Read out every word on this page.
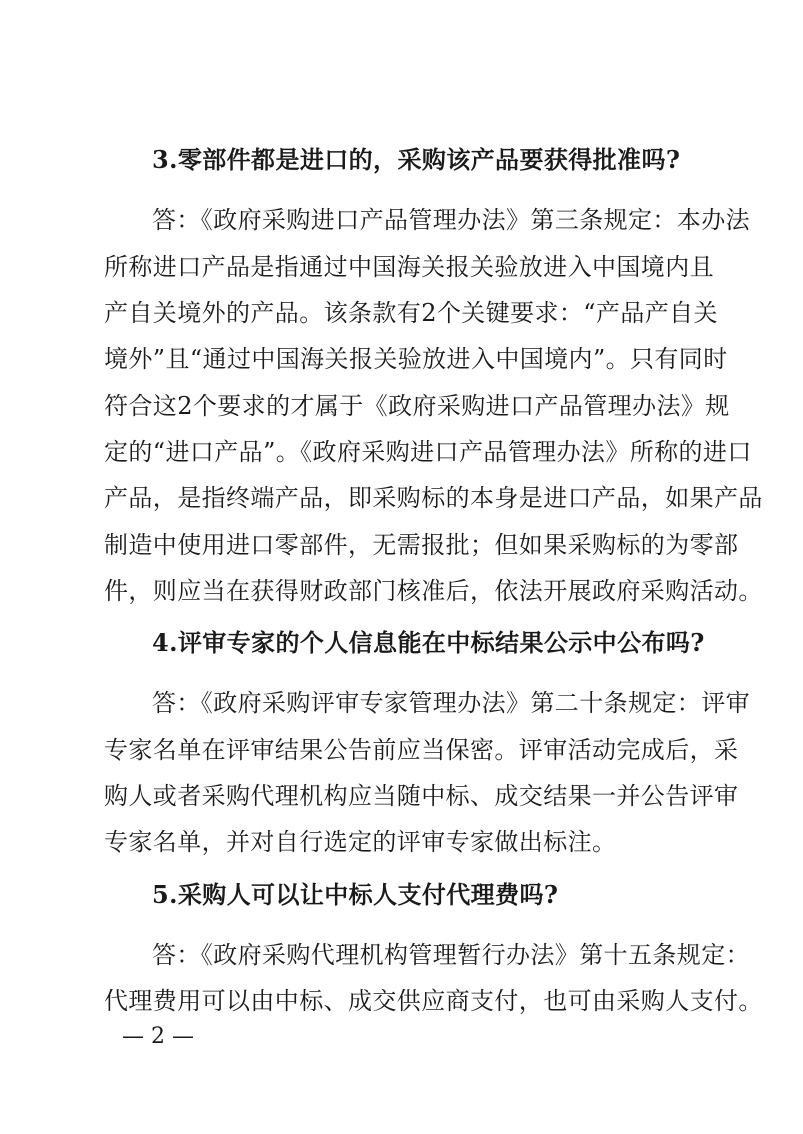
3.零部件都是进口的，采购该产品要获得批准吗?
答：《政府采购进口产品管理办法》第三条规定：本办法
所称进口产品是指通过中国海关报关验放进入中国境内且
产自关境外的产品。该条款有2个关键要求：“产品产自关
境外”且“通过中国海关报关验放进入中国境内”。只有同时
符合这2个要求的才属于《政府采购进口产品管理办法》规
定的“进口产品”。《政府采购进口产品管理办法》所称的进口
产品，是指终端产品，即采购标的本身是进口产品，如果产品
制造中使用进口零部件，无需报批；但如果采购标的为零部
件，则应当在获得财政部门核准后，依法开展政府采购活动。
4.评审专家的个人信息能在中标结果公示中公布吗?
答：《政府采购评审专家管理办法》第二十条规定：评审
专家名单在评审结果公告前应当保密。评审活动完成后，采
购人或者采购代理机构应当随中标、成交结果一并公告评审
专家名单，并对自行选定的评审专家做出标注。
5.采购人可以让中标人支付代理费吗?
答：《政府采购代理机构管理暂行办法》第十五条规定：
代理费用可以由中标、成交供应商支付，也可由采购人支付。
— 2 —
